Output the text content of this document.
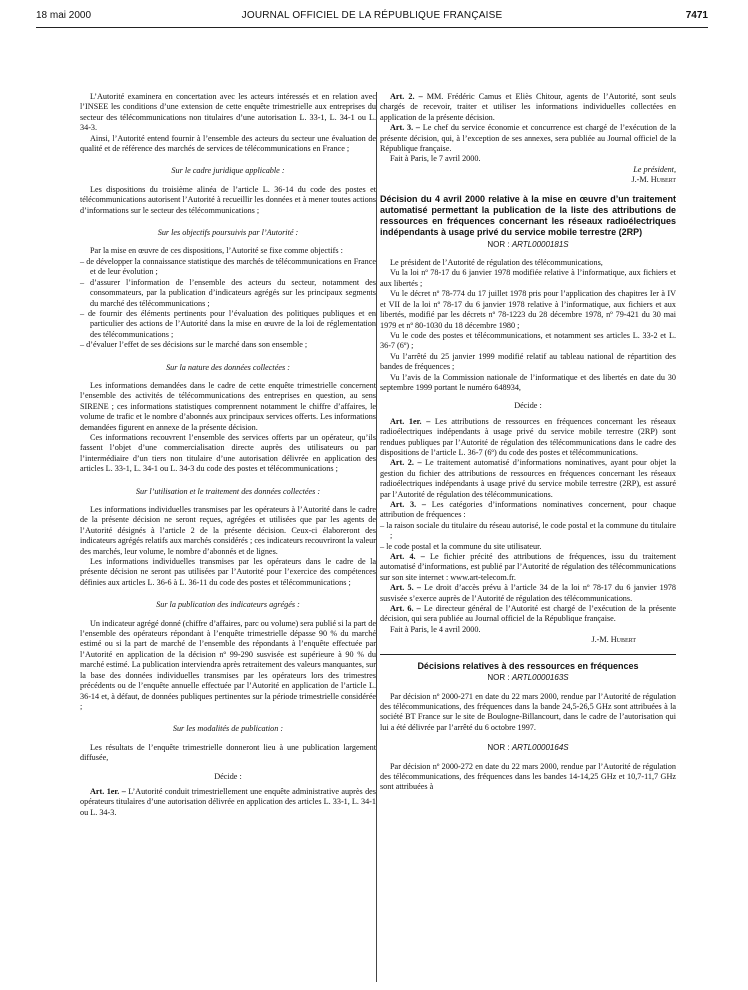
18 mai 2000	JOURNAL OFFICIEL DE LA RÉPUBLIQUE FRANÇAISE	7471

L’Autorité examinera en concertation avec les acteurs intéressés et en relation avec l’INSEE les conditions d’une extension de cette enquête trimestrielle aux entreprises du secteur des télécommunications non titulaires d’une autorisation L. 33-1, L. 34-1 ou L. 34-3.

Ainsi, l’Autorité entend fournir à l’ensemble des acteurs du secteur une évaluation de qualité et de référence des marchés de services de télécommunications en France ;

Sur le cadre juridique applicable :

Les dispositions du troisième alinéa de l’article L. 36-14 du code des postes et télécommunications autorisent l’Autorité à recueillir les données et à mener toutes actions d’informations sur le secteur des télécommunications ;

Sur les objectifs poursuivis par l’Autorité :

Par la mise en œuvre de ces dispositions, l’Autorité se fixe comme objectifs :

– de développer la connaissance statistique des marchés de télécommunications en France et de leur évolution ;
– d’assurer l’information de l’ensemble des acteurs du secteur, notamment des consommateurs, par la publication d’indicateurs agrégés sur les principaux segments du marché des télécommunications ;
– de fournir des éléments pertinents pour l’évaluation des politiques publiques et en particulier des actions de l’Autorité dans la mise en œuvre de la loi de réglementation des télécommunications ;
– d’évaluer l’effet de ses décisions sur le marché dans son ensemble ;

Sur la nature des données collectées :

Les informations demandées dans le cadre de cette enquête trimestrielle concernent l’ensemble des activités de télécommunications des entreprises en question, au sens SIRENE ; ces informations statistiques comprennent notamment le chiffre d’affaires, le volume de trafic et le nombre d’abonnés aux principaux services offerts. Les informations demandées figurent en annexe de la présente décision.

Ces informations recouvrent l’ensemble des services offerts par un opérateur, qu’ils fassent l’objet d’une commercialisation directe auprès des utilisateurs ou par l’intermédiaire d’un tiers non titulaire d’une autorisation délivrée en application des articles L. 33-1, L. 34-1 ou L. 34-3 du code des postes et télécommunications ;

Sur l’utilisation et le traitement des données collectées :

Les informations individuelles transmises par les opérateurs à l’Autorité dans le cadre de la présente décision ne seront reçues, agrégées et utilisées que par les agents de l’Autorité désignés à l’article 2 de la présente décision. Ceux-ci élaboreront des indicateurs agrégés relatifs aux marchés considérés ; ces indicateurs recouvriront la valeur des marchés, leur volume, le nombre d’abonnés et de lignes.

Les informations individuelles transmises par les opérateurs dans le cadre de la présente décision ne seront pas utilisées par l’Autorité pour l’exercice des compétences définies aux articles L. 36-6 à L. 36-11 du code des postes et télécommunications ;

Sur la publication des indicateurs agrégés :

Un indicateur agrégé donné (chiffre d’affaires, parc ou volume) sera publié si la part de l’ensemble des opérateurs répondant à l’enquête trimestrielle dépasse 90 % du marché estimé ou si la part de marché de l’ensemble des répondants à l’enquête effectuée par l’Autorité en application de la décision nº 99-290 susvisée est supérieure à 90 % du marché estimé. La publication interviendra après retraitement des valeurs manquantes, sur la base des données individuelles transmises par les opérateurs lors des trimestres précédents ou de l’enquête annuelle effectuée par l’Autorité en application de l’article L. 36-14 et, à défaut, de données publiques pertinentes sur la période trimestrielle considérée ;

Sur les modalités de publication :

Les résultats de l’enquête trimestrielle donneront lieu à une publication largement diffusée,

Décide :

Art. 1er. – L’Autorité conduit trimestriellement une enquête administrative auprès des opérateurs titulaires d’une autorisation délivrée en application des articles L. 33-1, L. 34-1 ou L. 34-3.

Art. 2. – MM. Frédéric Camus et Eliès Chitour, agents de l’Autorité, sont seuls chargés de recevoir, traiter et utiliser les informations individuelles collectées en application de la présente décision.

Art. 3. – Le chef du service économie et concurrence est chargé de l’exécution de la présente décision, qui, à l’exception de ses annexes, sera publiée au Journal officiel de la République française.

Fait à Paris, le 7 avril 2000.

Le président,

J.-M. Hubert

Décision du 4 avril 2000 relative à la mise en œuvre d’un traitement automatisé permettant la publication de la liste des attributions de ressources en fréquences concernant les réseaux radioélectriques indépendants à usage privé du service mobile terrestre (2RP)

NOR : ARTL0000181S

Le président de l’Autorité de régulation des télécommunications,

Vu la loi nº 78-17 du 6 janvier 1978 modifiée relative à l’informatique, aux fichiers et aux libertés ;

Vu le décret nº 78-774 du 17 juillet 1978 pris pour l’application des chapitres Ier à IV et VII de la loi nº 78-17 du 6 janvier 1978 relative à l’informatique, aux fichiers et aux libertés, modifié par les décrets nº 78-1223 du 28 décembre 1978, nº 79-421 du 30 mai 1979 et nº 80-1030 du 18 décembre 1980 ;

Vu le code des postes et télécommunications, et notamment ses articles L. 33-2 et L. 36-7 (6º) ;

Vu l’arrêté du 25 janvier 1999 modifié relatif au tableau national de répartition des bandes de fréquences ;

Vu l’avis de la Commission nationale de l’informatique et des libertés en date du 30 septembre 1999 portant le numéro 648934,

Décide :

Art. 1er. – Les attributions de ressources en fréquences concernant les réseaux radioélectriques indépendants à usage privé du service mobile terrestre (2RP) sont rendues publiques par l’Autorité de régulation des télécommunications dans le cadre des dispositions de l’article L. 36-7 (6º) du code des postes et télécommunications.

Art. 2. – Le traitement automatisé d’informations nominatives, ayant pour objet la gestion du fichier des attributions de ressources en fréquences concernant les réseaux radioélectriques indépendants à usage privé du service mobile terrestre (2RP), est assuré par l’Autorité de régulation des télécommunications.

Art. 3. – Les catégories d’informations nominatives concernent, pour chaque attribution de fréquences :

– la raison sociale du titulaire du réseau autorisé, le code postal et la commune du titulaire ;
– le code postal et la commune du site utilisateur.

Art. 4. – Le fichier précité des attributions de fréquences, issu du traitement automatisé d’informations, est publié par l’Autorité de régulation des télécommunications sur son site internet : www.art-telecom.fr.

Art. 5. – Le droit d’accès prévu à l’article 34 de la loi nº 78-17 du 6 janvier 1978 susvisée s’exerce auprès de l’Autorité de régulation des télécommunications.

Art. 6. – Le directeur général de l’Autorité est chargé de l’exécution de la présente décision, qui sera publiée au Journal officiel de la République française.

Fait à Paris, le 4 avril 2000.

J.-M. Hubert

Décisions relatives à des ressources en fréquences

NOR : ARTL0000163S

Par décision nº 2000-271 en date du 22 mars 2000, rendue par l’Autorité de régulation des télécommunications, des fréquences dans la bande 24,5-26,5 GHz sont attribuées à la société BT France sur le site de Boulogne-Billancourt, dans le cadre de l’autorisation qui lui a été délivrée par l’arrêté du 6 octobre 1997.

NOR : ARTL0000164S

Par décision nº 2000-272 en date du 22 mars 2000, rendue par l’Autorité de régulation des télécommunications, des fréquences dans les bandes 14-14,25 GHz et 10,7-11,7 GHz sont attribuées à
